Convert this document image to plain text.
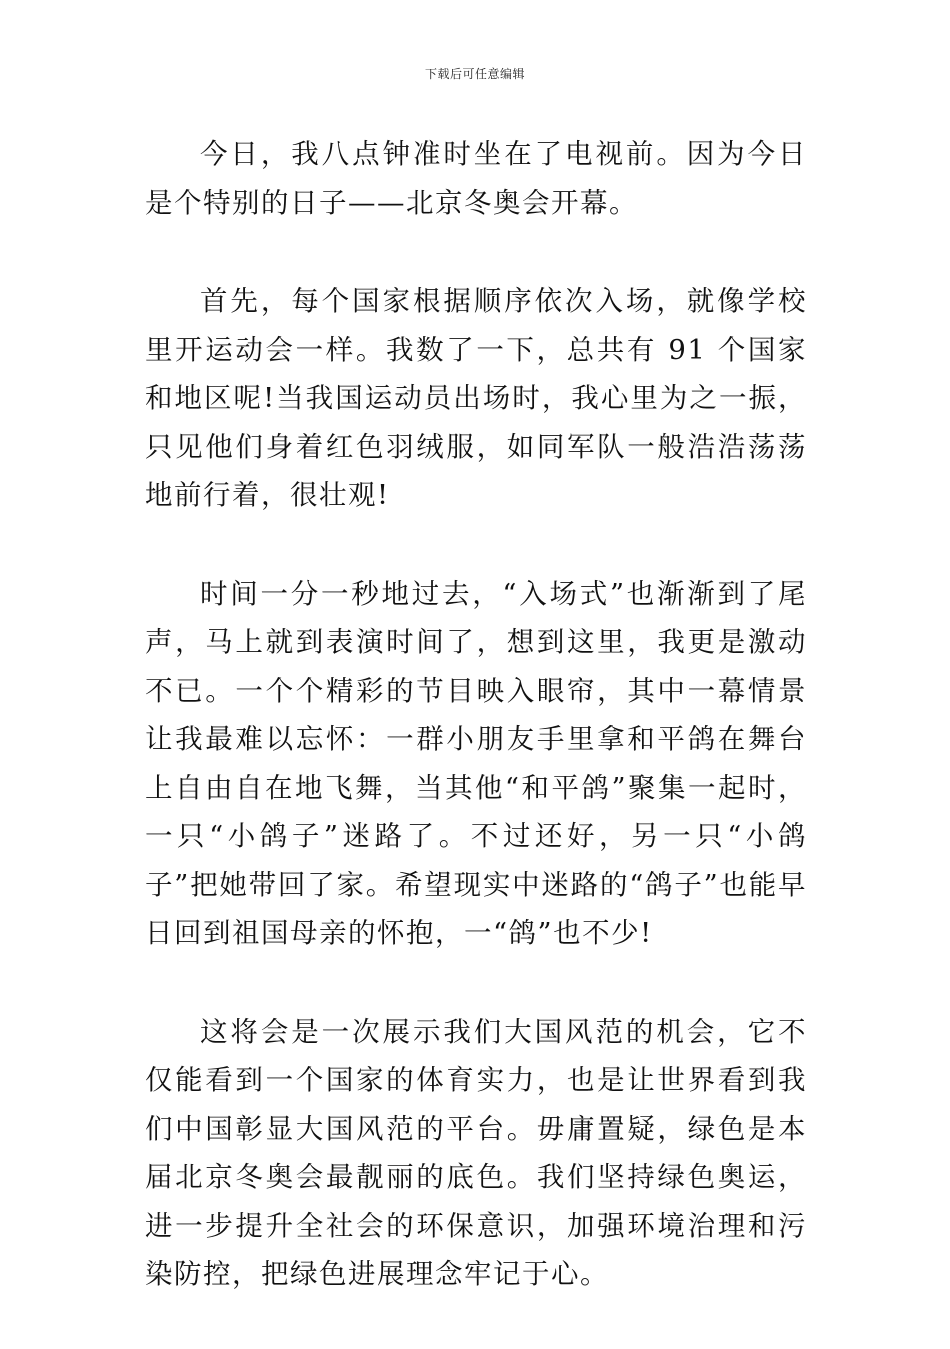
下载后可任意编辑

今日，我八点钟准时坐在了电视前。因为今日是个特别的日子——北京冬奥会开幕。

首先，每个国家根据顺序依次入场，就像学校里开运动会一样。我数了一下，总共有 91 个国家和地区呢!当我国运动员出场时，我心里为之一振，只见他们身着红色羽绒服，如同军队一般浩浩荡荡地前行着，很壮观!

时间一分一秒地过去，“入场式”也渐渐到了尾声，马上就到表演时间了，想到这里，我更是激动不已。一个个精彩的节目映入眼帘，其中一幕情景让我最难以忘怀：一群小朋友手里拿和平鸽在舞台上自由自在地飞舞，当其他“和平鸽”聚集一起时，一只“小鸽子”迷路了。不过还好，另一只“小鸽子”把她带回了家。希望现实中迷路的“鸽子”也能早日回到祖国母亲的怀抱，一“鸽”也不少!

这将会是一次展示我们大国风范的机会，它不仅能看到一个国家的体育实力，也是让世界看到我们中国彰显大国风范的平台。毋庸置疑，绿色是本届北京冬奥会最靓丽的底色。我们坚持绿色奥运，进一步提升全社会的环保意识，加强环境治理和污染防控，把绿色进展理念牢记于心。
